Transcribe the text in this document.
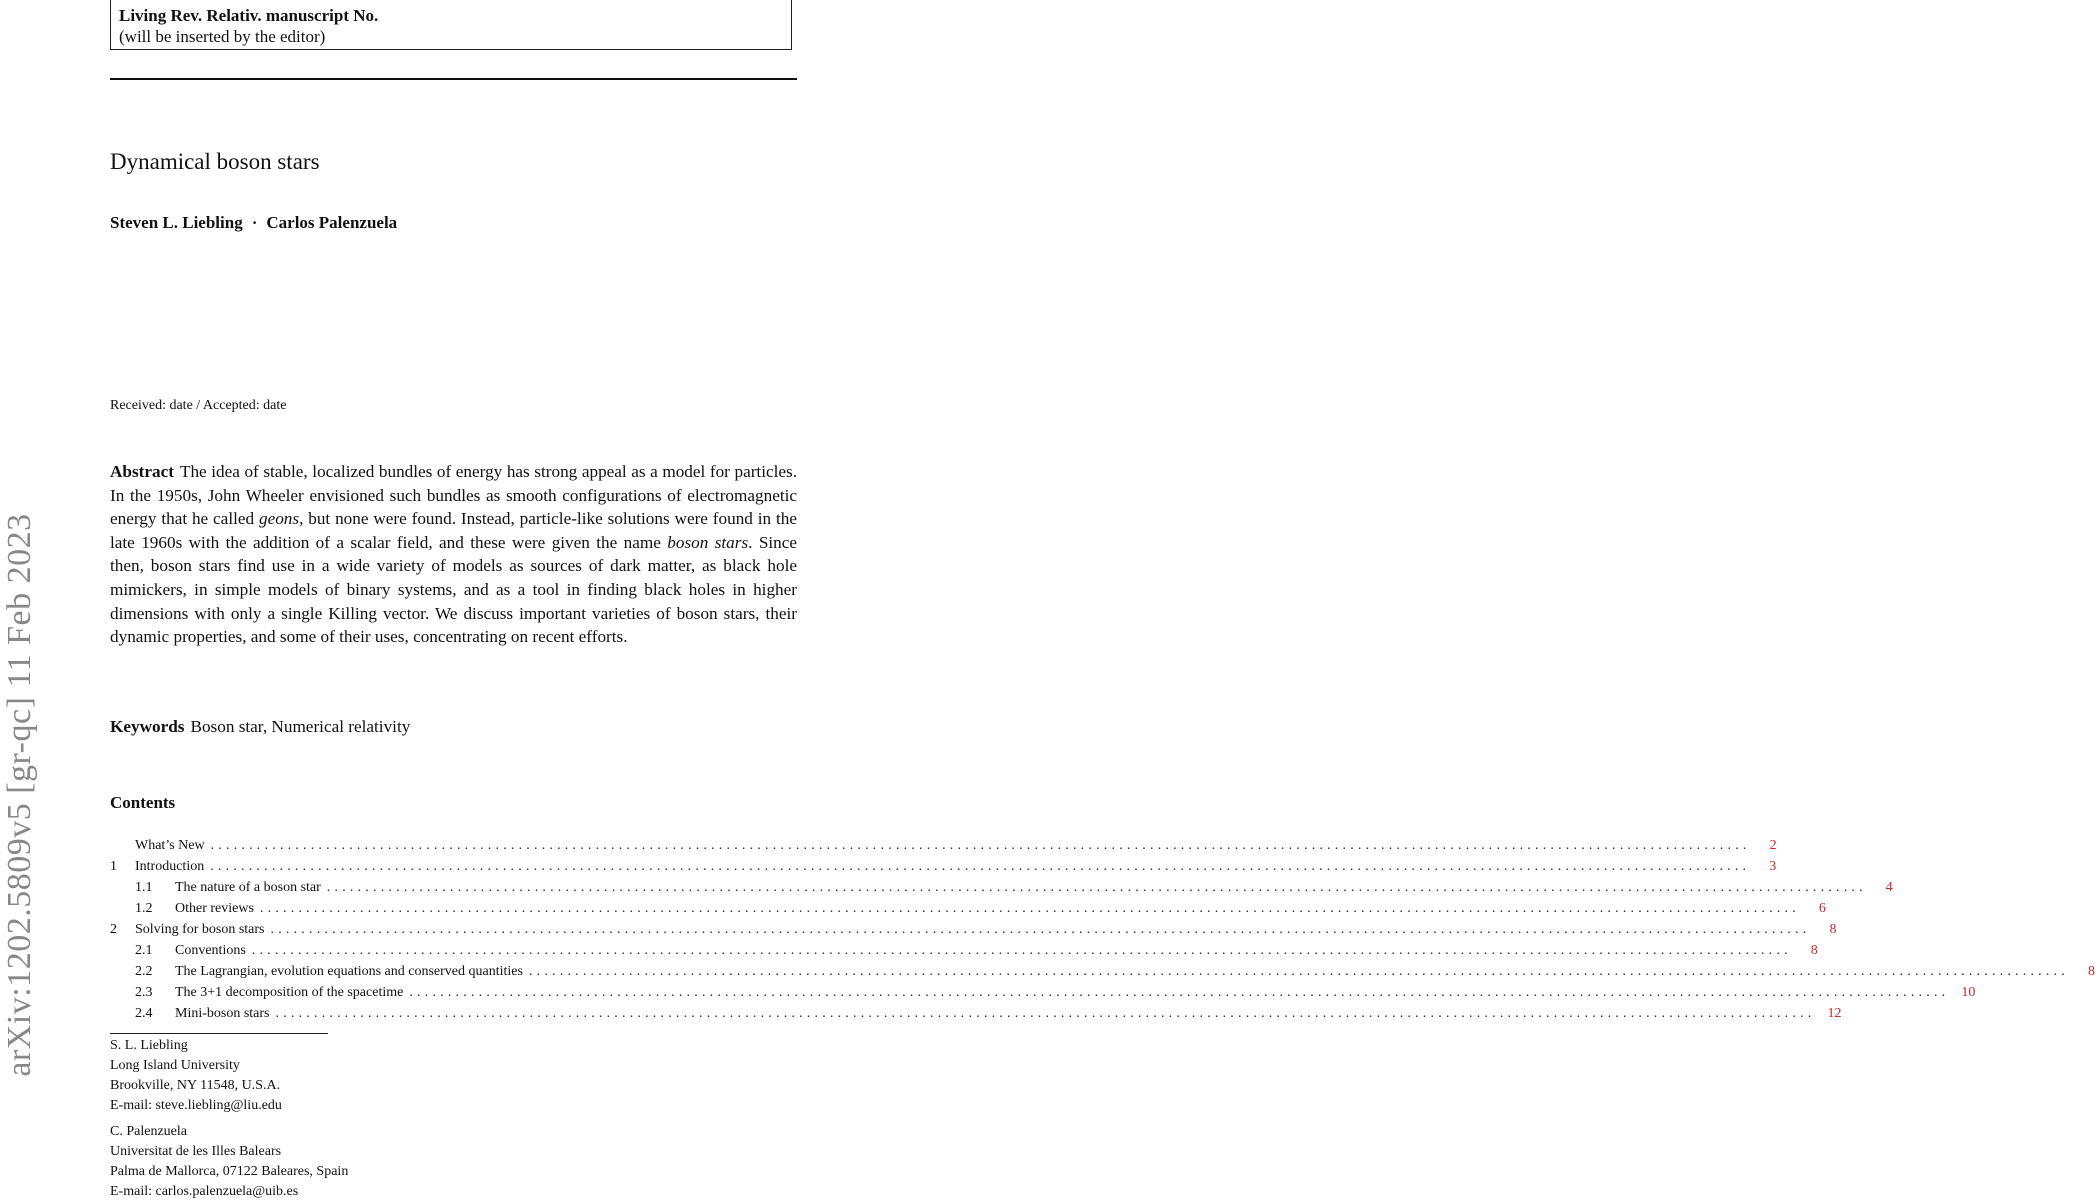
Living Rev. Relativ. manuscript No.
(will be inserted by the editor)
Dynamical boson stars
Steven L. Liebling · Carlos Palenzuela
Received: date / Accepted: date

Abstract The idea of stable, localized bundles of energy has strong appeal as a model for particles. In the 1950s, John Wheeler envisioned such bundles as smooth configurations of electromagnetic energy that he called geons, but none were found. Instead, particle-like solutions were found in the late 1960s with the addition of a scalar field, and these were given the name boson stars. Since then, boson stars find use in a wide variety of models as sources of dark matter, as black hole mimickers, in simple models of binary systems, and as a tool in finding black holes in higher dimensions with only a single Killing vector. We discuss important varieties of boson stars, their dynamic properties, and some of their uses, concentrating on recent efforts.

Keywords Boson star, Numerical relativity
Contents
What’s New ........................................................................................................................................................................................................	2
1	Introduction ........................................................................................................................................................................................................	3
1.1	The nature of a boson star ........................................................................................................................................................................................................	4
1.2	Other reviews ........................................................................................................................................................................................................	6
2	Solving for boson stars ........................................................................................................................................................................................................	8
2.1	Conventions ........................................................................................................................................................................................................	8
2.2	The Lagrangian, evolution equations and conserved quantities ........................................................................................................................................................................................................	8
2.3	The 3+1 decomposition of the spacetime ........................................................................................................................................................................................................ 10
2.4	Mini-boson stars ........................................................................................................................................................................................................ 12
S. L. Liebling
Long Island University
Brookville, NY 11548, U.S.A.
E-mail: steve.liebling@liu.edu
C. Palenzuela
Universitat de les Illes Balears
Palma de Mallorca, 07122 Baleares, Spain
E-mail: carlos.palenzuela@uib.es
arXiv:1202.5809v5 [gr-qc] 11 Feb 2023
